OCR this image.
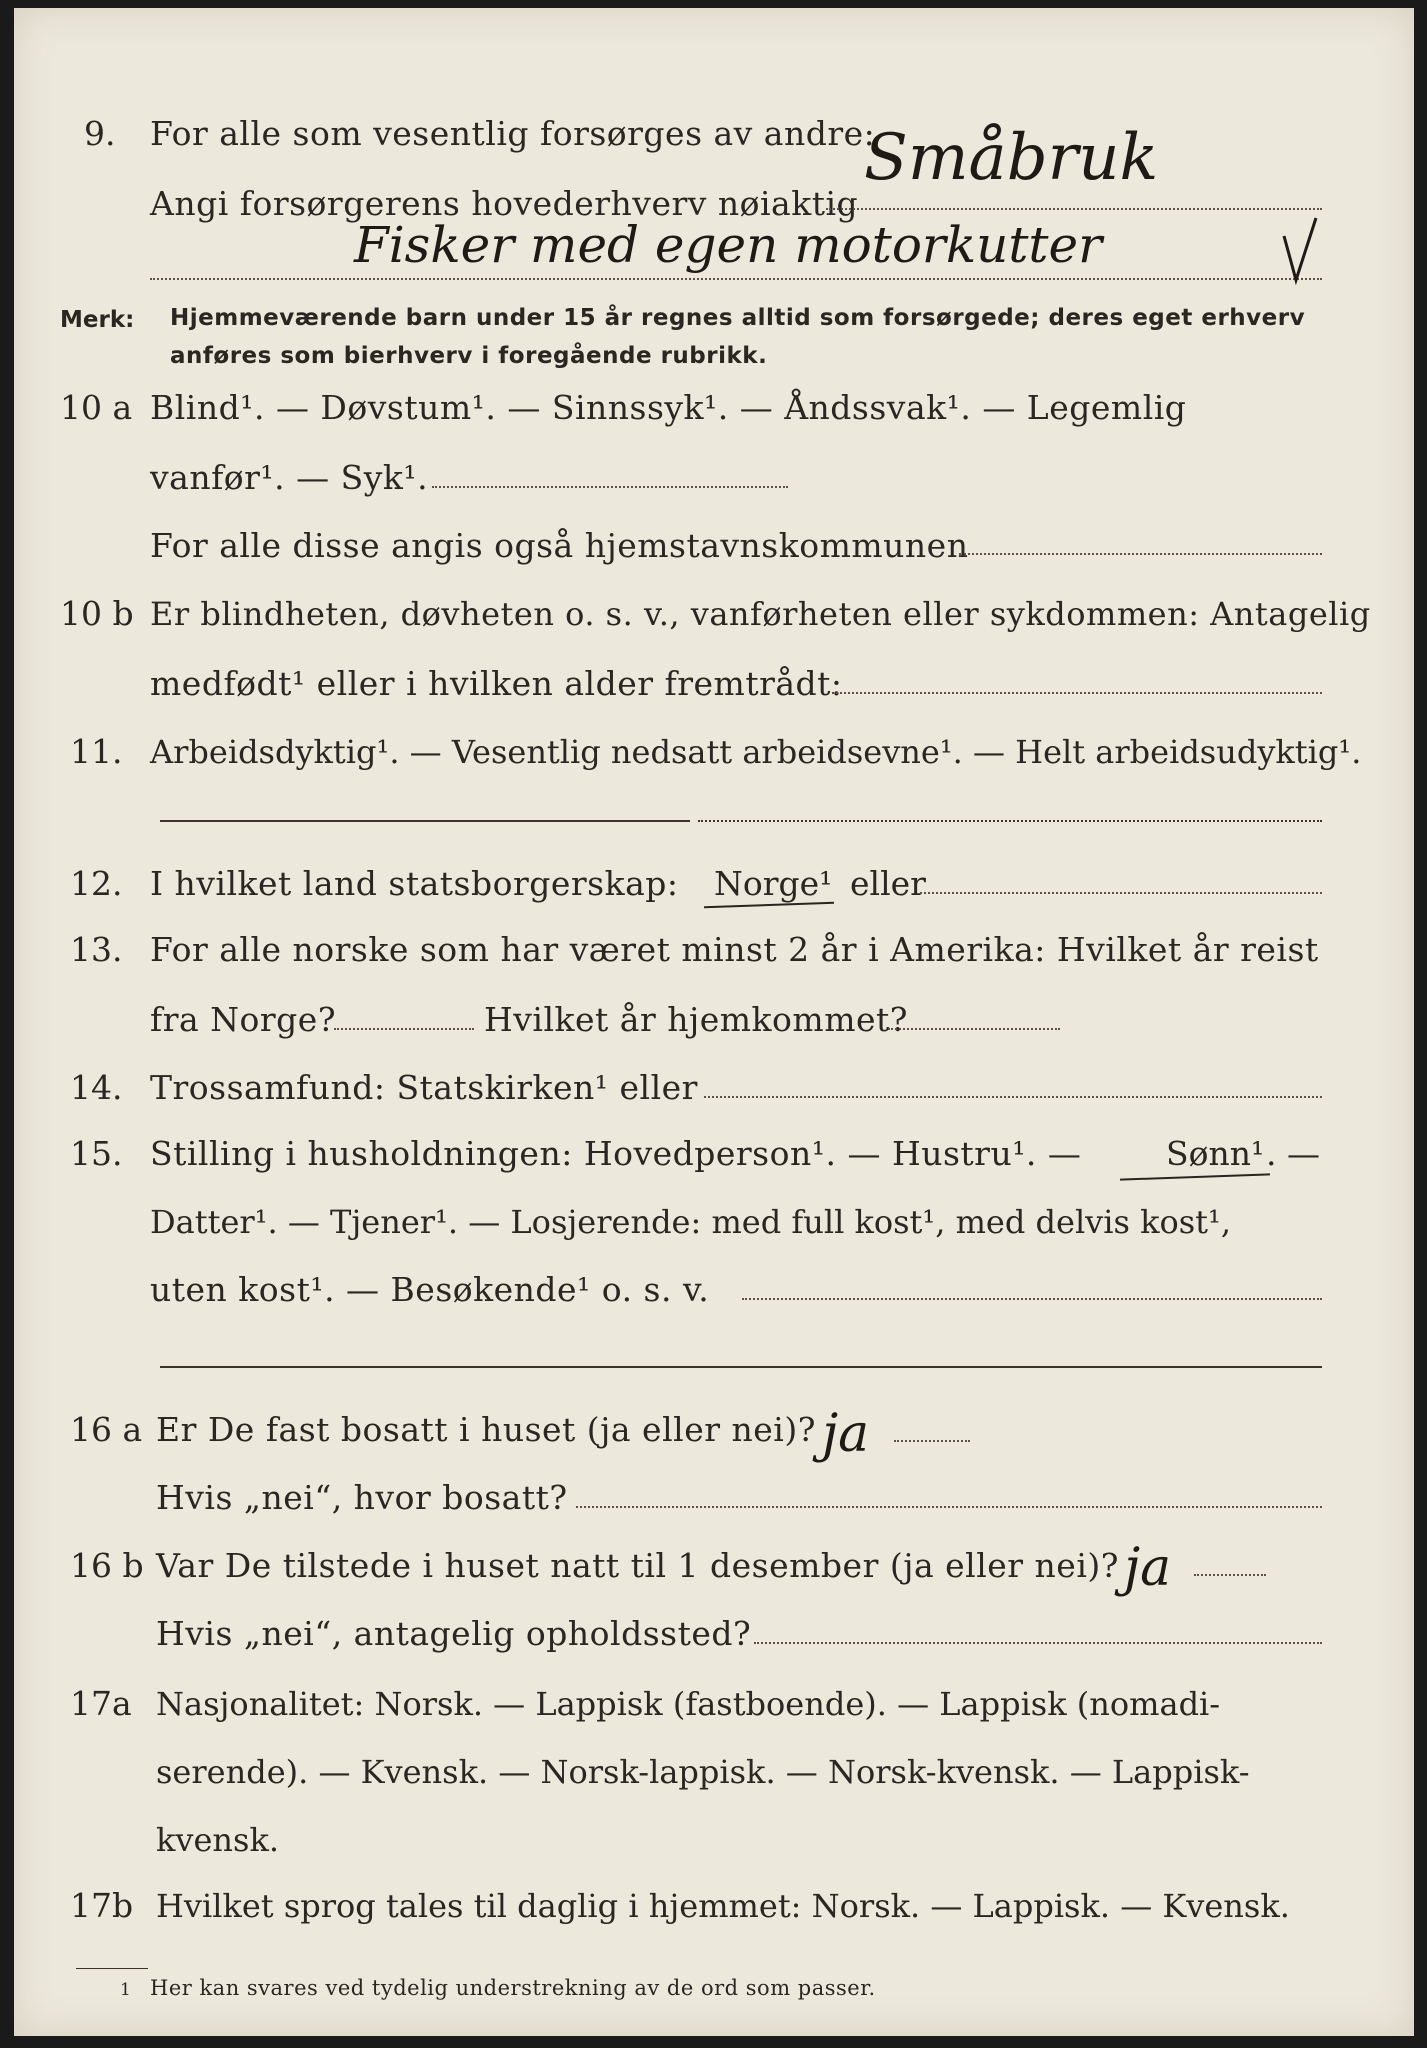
9. For alle som vesentlig forsørges av andre:
Småbruk
Angi forsørgerens hovederhverv nøiaktig
Fisker med egen motorkutter
Merk: Hjemmeværende barn under 15 år regnes alltid som forsørgede; deres eget erhverv
anføres som bierhverv i foregående rubrikk.
10 a Blind¹. — Døvstum¹. — Sinnssyk¹. — Åndssvak¹. — Legemlig
vanfør¹. — Syk¹.
For alle disse angis også hjemstavnskommunen
10 b Er blindheten, døvheten o. s. v., vanførheten eller sykdommen: Antagelig
medfødt¹ eller i hvilken alder fremtrådt:
11. Arbeidsdyktig¹. — Vesentlig nedsatt arbeidsevne¹. — Helt arbeidsudyktig¹.
12. I hvilket land statsborgerskap: Norge¹ eller
13. For alle norske som har været minst 2 år i Amerika: Hvilket år reist
fra Norge?	Hvilket år hjemkommet?
14. Trossamfund: Statskirken¹ eller
15. Stilling i husholdningen: Hovedperson¹. — Hustru¹. —	Sønn¹ . —
Datter¹. — Tjener¹. — Losjerende: med full kost¹, med delvis kost¹,
uten kost¹. — Besøkende¹ o. s. v.
16 a Er De fast bosatt i huset (ja eller nei)? ja
Hvis „nei“, hvor bosatt?
16 b Var De tilstede i huset natt til 1 desember (ja eller nei)? ja
Hvis „nei“, antagelig opholdssted?
17a Nasjonalitet: Norsk. — Lappisk (fastboende). — Lappisk (nomadi-
serende). — Kvensk. — Norsk-lappisk. — Norsk-kvensk. — Lappisk-
kvensk.
17b Hvilket sprog tales til daglig i hjemmet: Norsk. — Lappisk. — Kvensk.
1 Her kan svares ved tydelig understrekning av de ord som passer.
